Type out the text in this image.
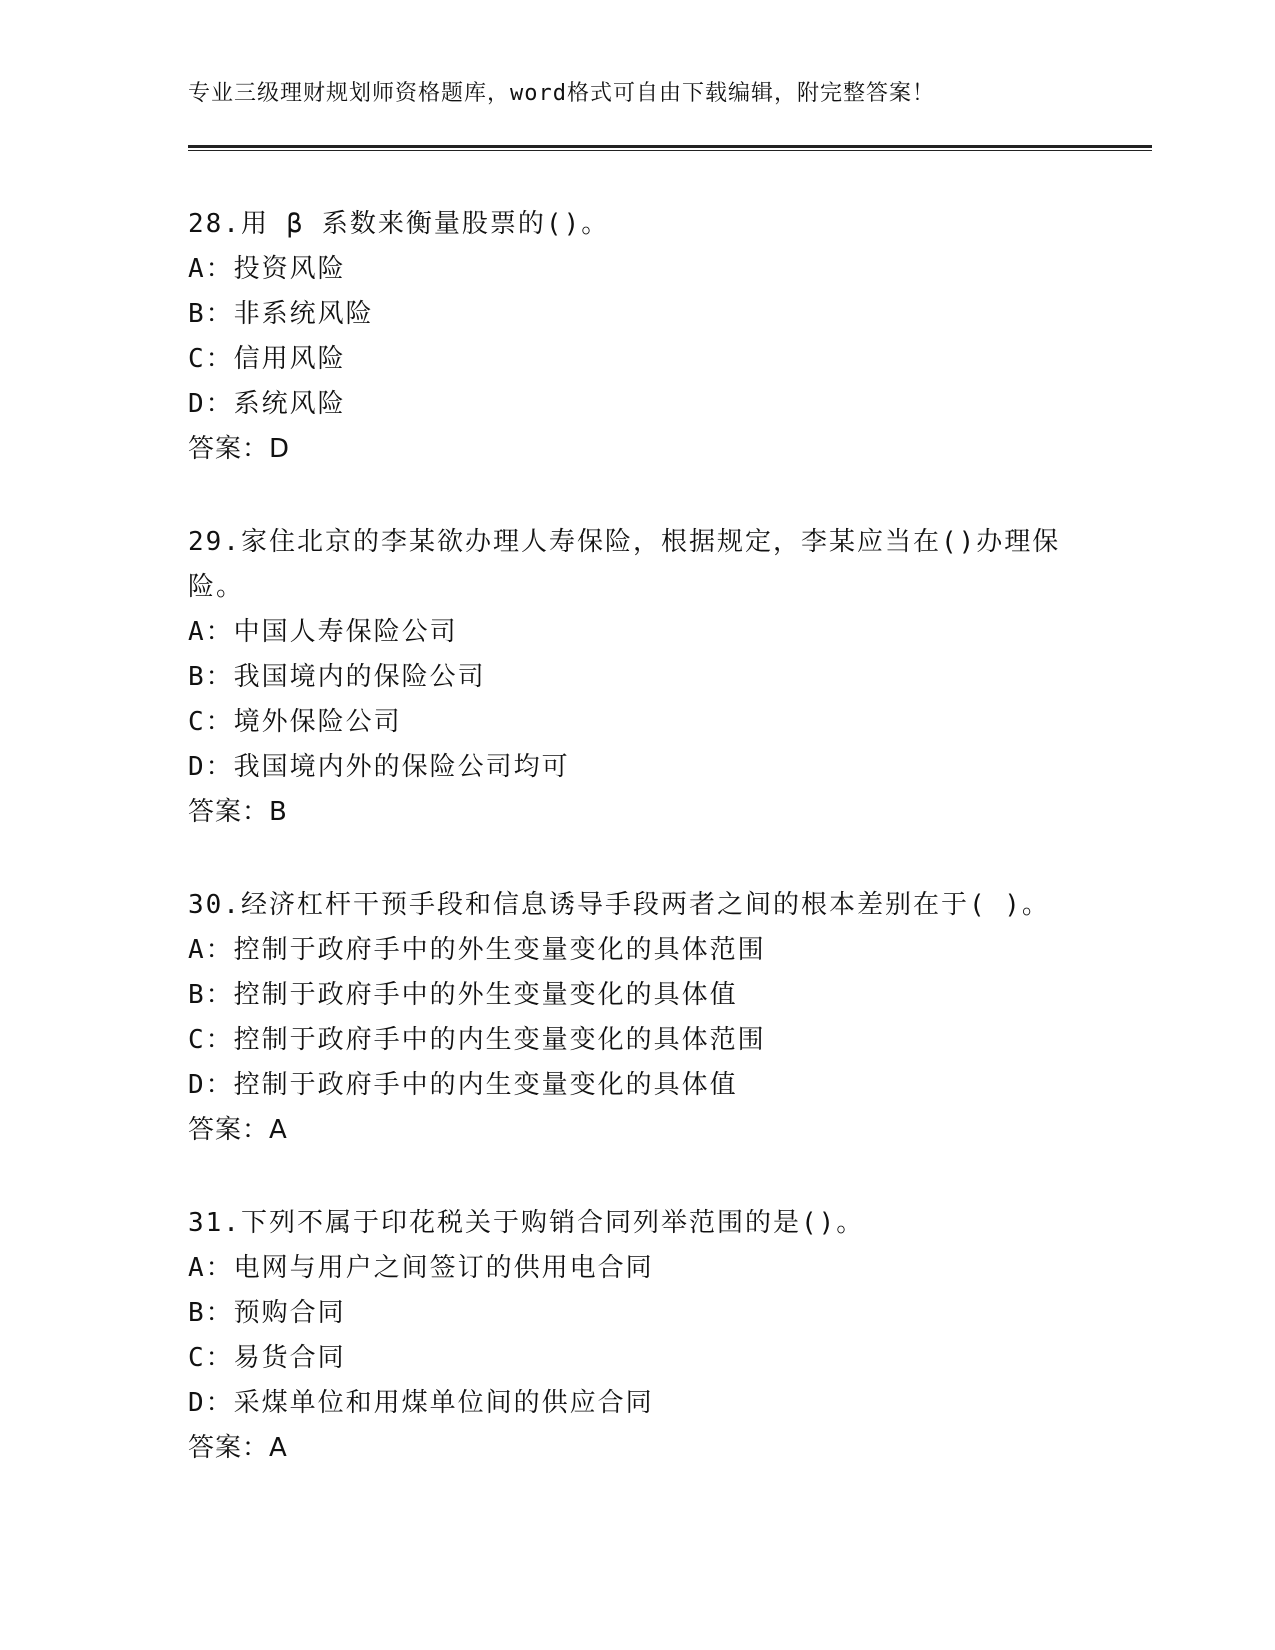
专业三级理财规划师资格题库，word格式可自由下载编辑，附完整答案！

28.用 β 系数来衡量股票的()。

A：投资风险
B：非系统风险
C：信用风险
D：系统风险
答案：D

29.家住北京的李某欲办理人寿保险，根据规定，李某应当在()办理保险。

A：中国人寿保险公司
B：我国境内的保险公司
C：境外保险公司
D：我国境内外的保险公司均可
答案：B

30.经济杠杆干预手段和信息诱导手段两者之间的根本差别在于( )。

A：控制于政府手中的外生变量变化的具体范围
B：控制于政府手中的外生变量变化的具体值
C：控制于政府手中的内生变量变化的具体范围
D：控制于政府手中的内生变量变化的具体值
答案：A

31.下列不属于印花税关于购销合同列举范围的是()。

A：电网与用户之间签订的供用电合同
B：预购合同
C：易货合同
D：采煤单位和用煤单位间的供应合同
答案：A
